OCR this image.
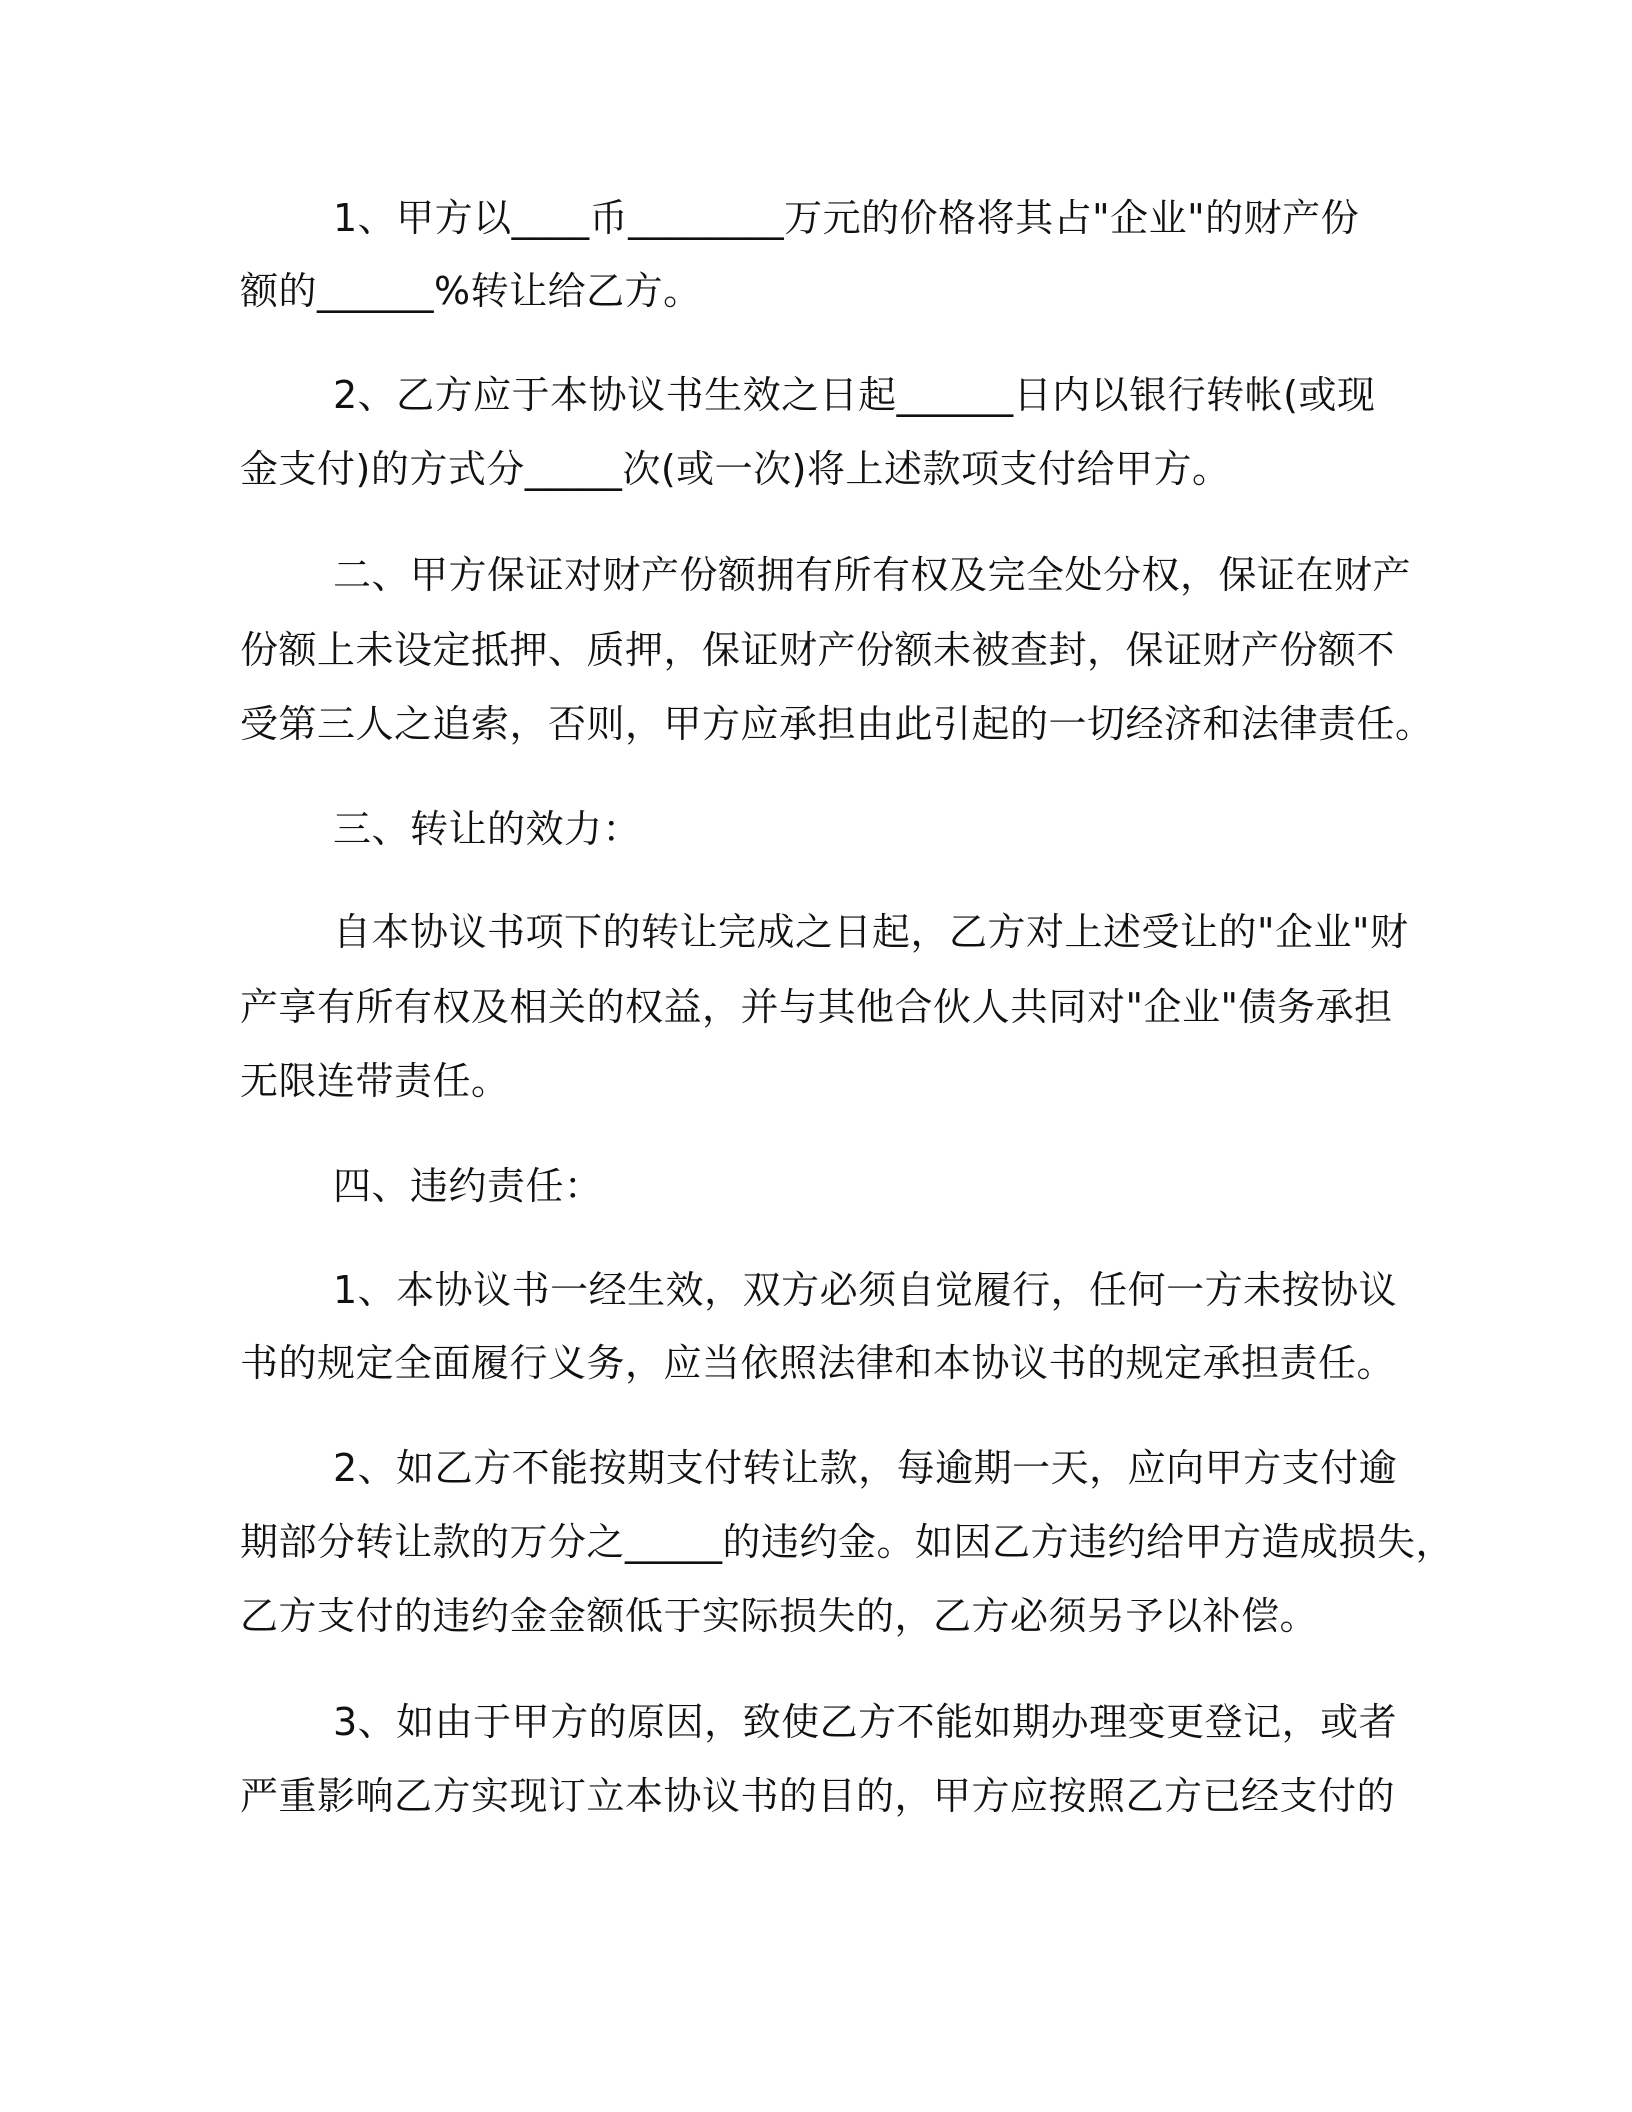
1、甲方以____币________万元的价格将其占"企业"的财产份
额的______%转让给乙方。
2、乙方应于本协议书生效之日起______日内以银行转帐(或现
金支付)的方式分_____次(或一次)将上述款项支付给甲方。
二、甲方保证对财产份额拥有所有权及完全处分权，保证在财产
份额上未设定抵押、质押，保证财产份额未被查封，保证财产份额不
受第三人之追索，否则，甲方应承担由此引起的一切经济和法律责任。
三、转让的效力：
自本协议书项下的转让完成之日起，乙方对上述受让的"企业"财
产享有所有权及相关的权益，并与其他合伙人共同对"企业"债务承担
无限连带责任。
四、违约责任：
1、本协议书一经生效，双方必须自觉履行，任何一方未按协议
书的规定全面履行义务，应当依照法律和本协议书的规定承担责任。
2、如乙方不能按期支付转让款，每逾期一天，应向甲方支付逾
期部分转让款的万分之_____的违约金。如因乙方违约给甲方造成损失，
乙方支付的违约金金额低于实际损失的，乙方必须另予以补偿。
3、如由于甲方的原因，致使乙方不能如期办理变更登记，或者
严重影响乙方实现订立本协议书的目的，甲方应按照乙方已经支付的
